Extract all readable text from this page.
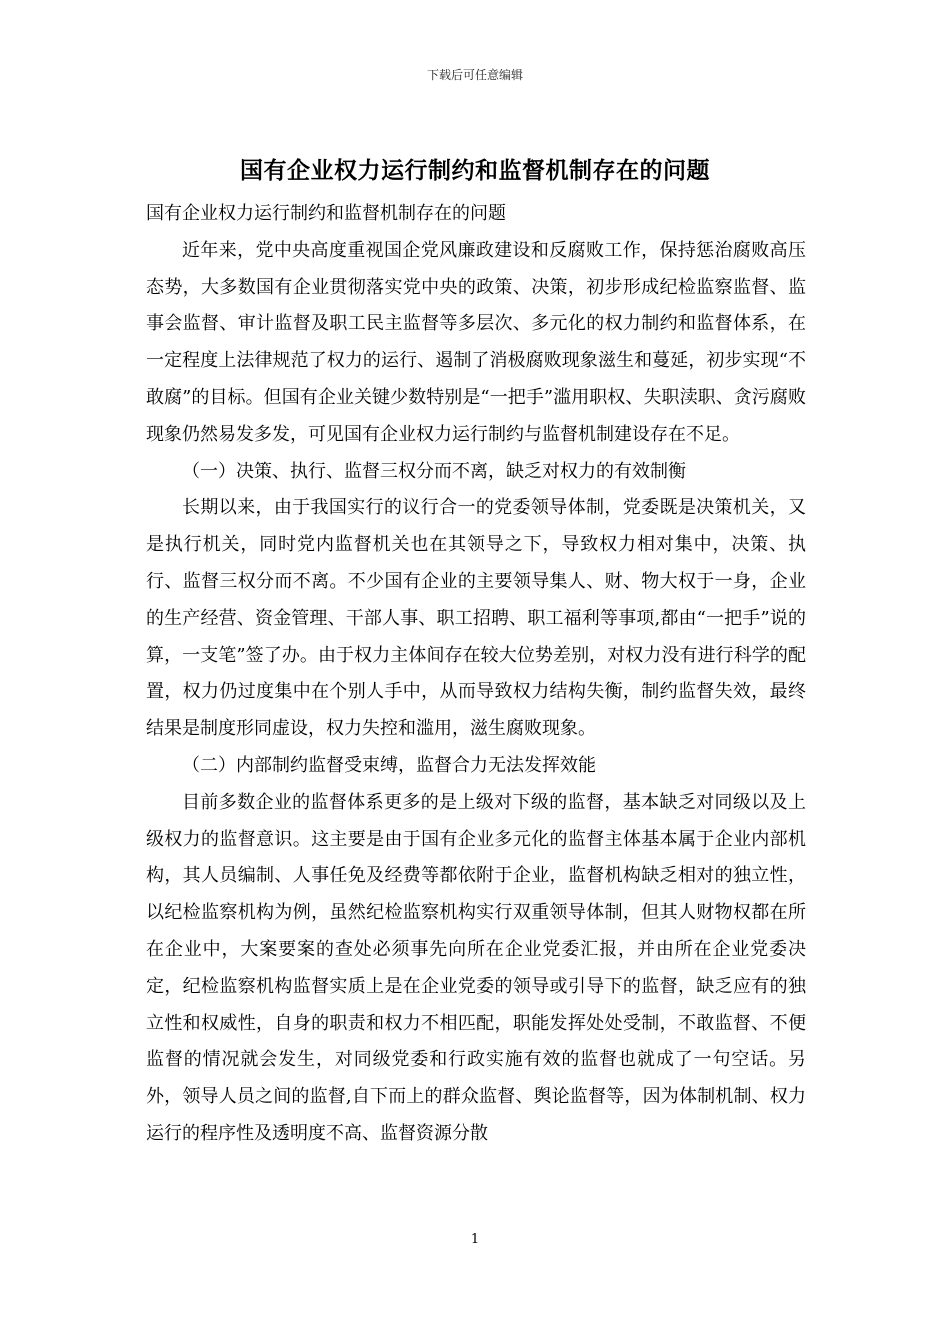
下载后可任意编辑
国有企业权力运行制约和监督机制存在的问题

国有企业权力运行制约和监督机制存在的问题

近年来，党中央高度重视国企党风廉政建设和反腐败工作，保持惩治腐败高压态势，大多数国有企业贯彻落实党中央的政策、决策，初步形成纪检监察监督、监事会监督、审计监督及职工民主监督等多层次、多元化的权力制约和监督体系，在一定程度上法律规范了权力的运行、遏制了消极腐败现象滋生和蔓延，初步实现“不敢腐”的目标。但国有企业关键少数特别是“一把手”滥用职权、失职渎职、贪污腐败现象仍然易发多发，可见国有企业权力运行制约与监督机制建设存在不足。

（一）决策、执行、监督三权分而不离，缺乏对权力的有效制衡

长期以来，由于我国实行的议行合一的党委领导体制，党委既是决策机关，又是执行机关，同时党内监督机关也在其领导之下，导致权力相对集中，决策、执行、监督三权分而不离。不少国有企业的主要领导集人、财、物大权于一身，企业的生产经营、资金管理、干部人事、职工招聘、职工福利等事项,都由“一把手”说的算，一支笔”签了办。由于权力主体间存在较大位势差别，对权力没有进行科学的配置，权力仍过度集中在个别人手中，从而导致权力结构失衡，制约监督失效，最终结果是制度形同虚设，权力失控和滥用，滋生腐败现象。

（二）内部制约监督受束缚，监督合力无法发挥效能

目前多数企业的监督体系更多的是上级对下级的监督，基本缺乏对同级以及上级权力的监督意识。这主要是由于国有企业多元化的监督主体基本属于企业内部机构，其人员编制、人事任免及经费等都依附于企业，监督机构缺乏相对的独立性，以纪检监察机构为例，虽然纪检监察机构实行双重领导体制，但其人财物权都在所在企业中，大案要案的查处必须事先向所在企业党委汇报，并由所在企业党委决定，纪检监察机构监督实质上是在企业党委的领导或引导下的监督，缺乏应有的独立性和权威性，自身的职责和权力不相匹配，职能发挥处处受制，不敢监督、不便监督的情况就会发生，对同级党委和行政实施有效的监督也就成了一句空话。另外，领导人员之间的监督,自下而上的群众监督、舆论监督等，因为体制机制、权力运行的程序性及透明度不高、监督资源分散

1
